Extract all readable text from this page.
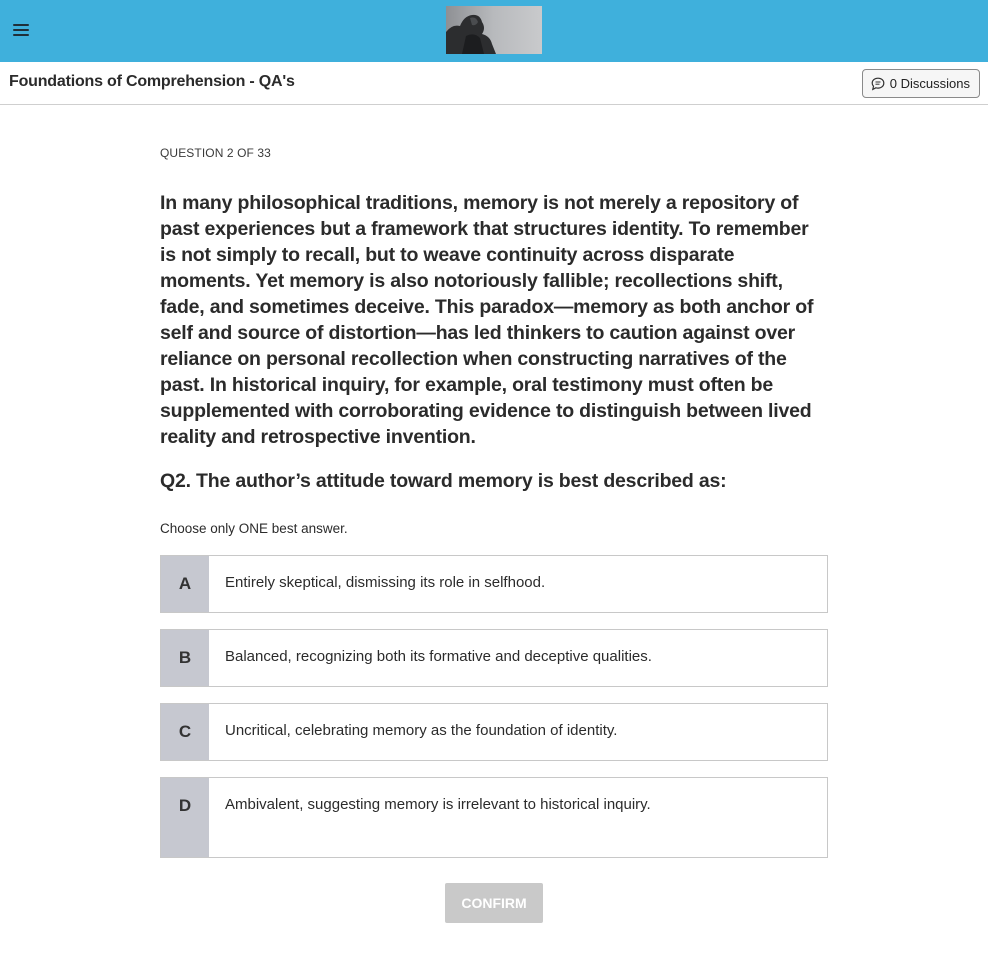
Foundations of Comprehension - QA's	0 Discussions
QUESTION 2 OF 33
In many philosophical traditions, memory is not merely a repository of past experiences but a framework that structures identity. To remember is not simply to recall, but to weave continuity across disparate moments. Yet memory is also notoriously fallible; recollections shift, fade, and sometimes deceive. This paradox—memory as both anchor of self and source of distortion—has led thinkers to caution against over reliance on personal recollection when constructing narratives of the past. In historical inquiry, for example, oral testimony must often be supplemented with corroborating evidence to distinguish between lived reality and retrospective invention.
Q2. The author’s attitude toward memory is best described as:
Choose only ONE best answer.
A	Entirely skeptical, dismissing its role in selfhood.
B	Balanced, recognizing both its formative and deceptive qualities.
C	Uncritical, celebrating memory as the foundation of identity.
D	Ambivalent, suggesting memory is irrelevant to historical inquiry.
CONFIRM
